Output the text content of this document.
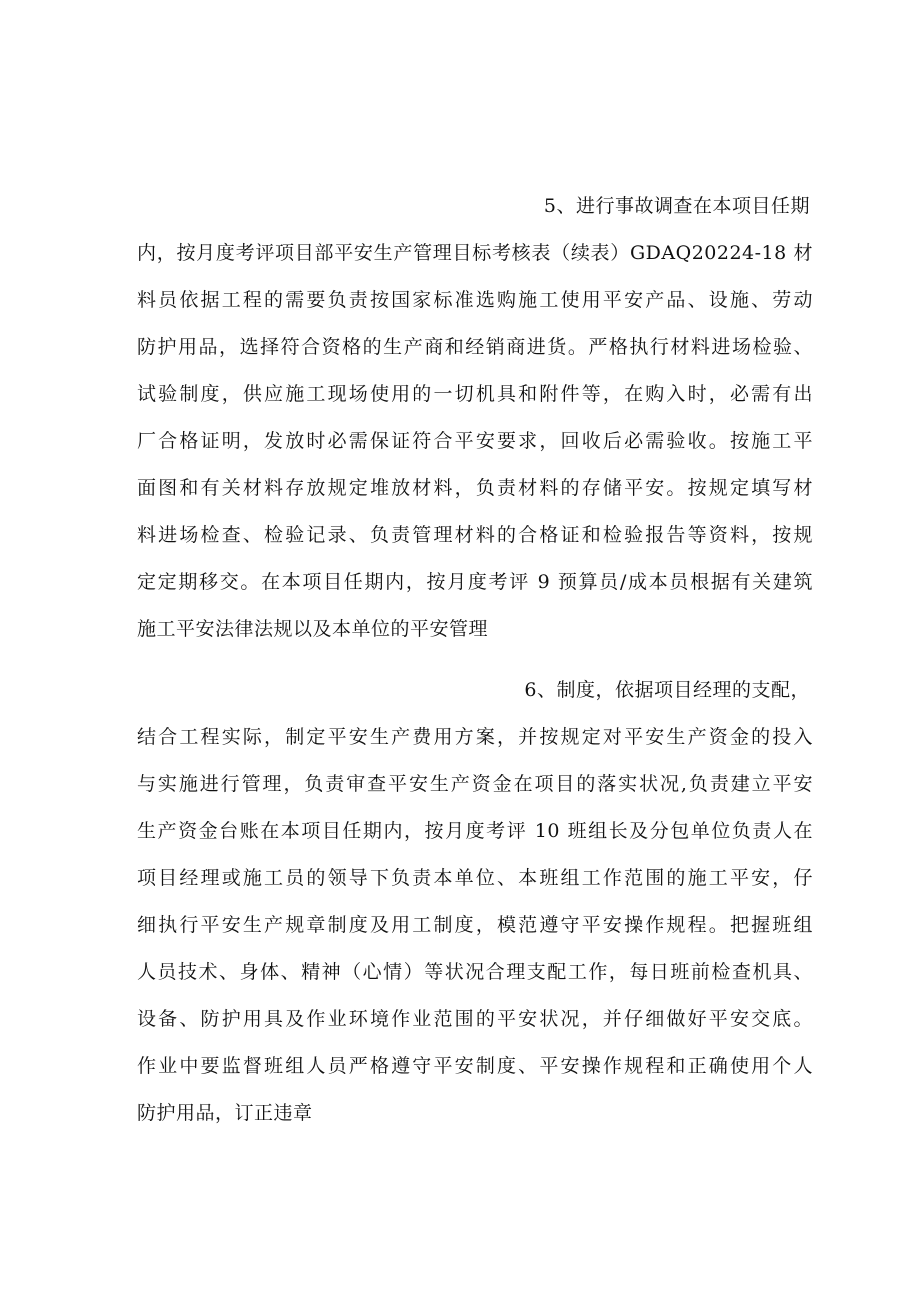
5、进行事故调查在本项目任期
内，按月度考评项目部平安生产管理目标考核表（续表）GDAQ20224-18 材
料员依据工程的需要负责按国家标准选购施工使用平安产品、设施、劳动
防护用品，选择符合资格的生产商和经销商进货。严格执行材料进场检验、
试验制度，供应施工现场使用的一切机具和附件等，在购入时，必需有出
厂合格证明，发放时必需保证符合平安要求，回收后必需验收。按施工平
面图和有关材料存放规定堆放材料，负责材料的存储平安。按规定填写材
料进场检查、检验记录、负责管理材料的合格证和检验报告等资料，按规
定定期移交。在本项目任期内，按月度考评 9 预算员/成本员根据有关建筑
施工平安法律法规以及本单位的平安管理
6、制度，依据项目经理的支配，
结合工程实际，制定平安生产费用方案，并按规定对平安生产资金的投入
与实施进行管理，负责审查平安生产资金在项目的落实状况,负责建立平安
生产资金台账在本项目任期内，按月度考评 10 班组长及分包单位负责人在
项目经理或施工员的领导下负责本单位、本班组工作范围的施工平安，仔
细执行平安生产规章制度及用工制度，模范遵守平安操作规程。把握班组
人员技术、身体、精神（心情）等状况合理支配工作，每日班前检查机具、
设备、防护用具及作业环境作业范围的平安状况，并仔细做好平安交底。
作业中要监督班组人员严格遵守平安制度、平安操作规程和正确使用个人
防护用品，订正违章
